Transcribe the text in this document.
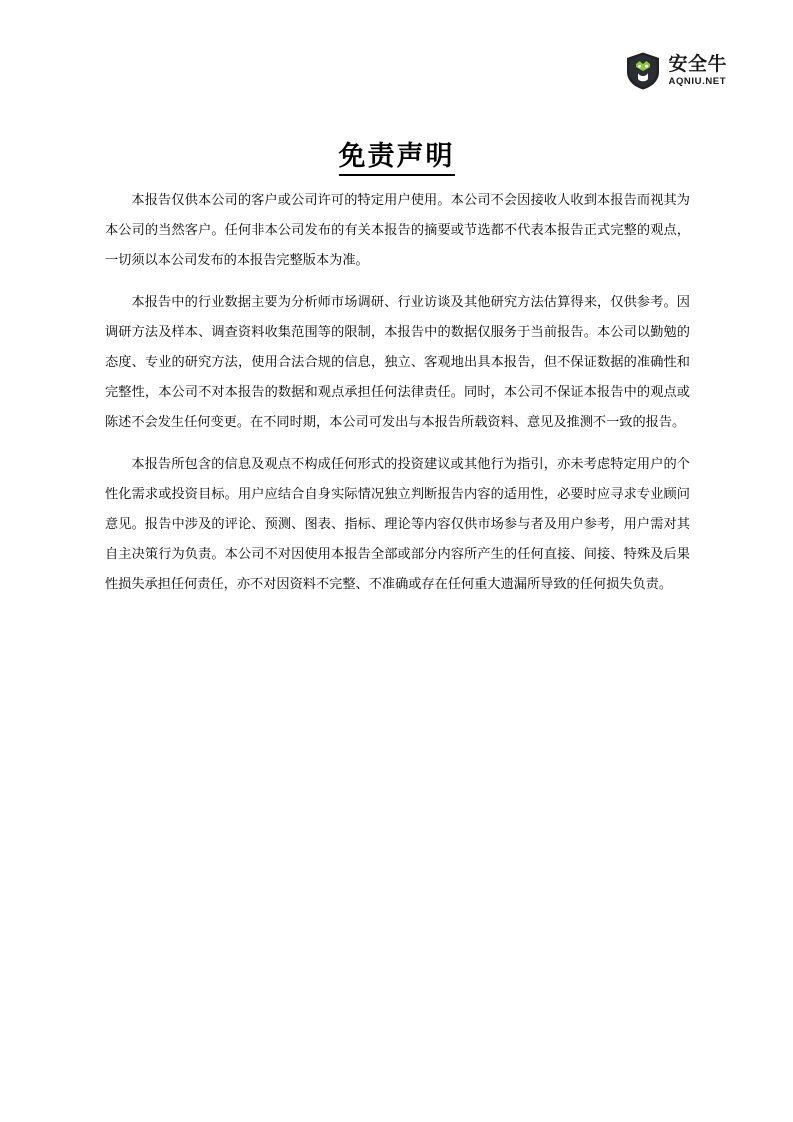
安全牛
AQNIU.NET
免责声明

本报告仅供本公司的客户或公司许可的特定用户使用。本公司不会因接收人收到本报告而视其为本公司的当然客户。任何非本公司发布的有关本报告的摘要或节选都不代表本报告正式完整的观点，一切须以本公司发布的本报告完整版本为准。

本报告中的行业数据主要为分析师市场调研、行业访谈及其他研究方法估算得来，仅供参考。因调研方法及样本、调查资料收集范围等的限制，本报告中的数据仅服务于当前报告。本公司以勤勉的态度、专业的研究方法，使用合法合规的信息，独立、客观地出具本报告，但不保证数据的准确性和完整性，本公司不对本报告的数据和观点承担任何法律责任。同时，本公司不保证本报告中的观点或陈述不会发生任何变更。在不同时期，本公司可发出与本报告所载资料、意见及推测不一致的报告。

本报告所包含的信息及观点不构成任何形式的投资建议或其他行为指引，亦未考虑特定用户的个性化需求或投资目标。用户应结合自身实际情况独立判断报告内容的适用性，必要时应寻求专业顾问意见。报告中涉及的评论、预测、图表、指标、理论等内容仅供市场参与者及用户参考，用户需对其自主决策行为负责。本公司不对因使用本报告全部或部分内容所产生的任何直接、间接、特殊及后果性损失承担任何责任，亦不对因资料不完整、不准确或存在任何重大遗漏所导致的任何损失负责。
